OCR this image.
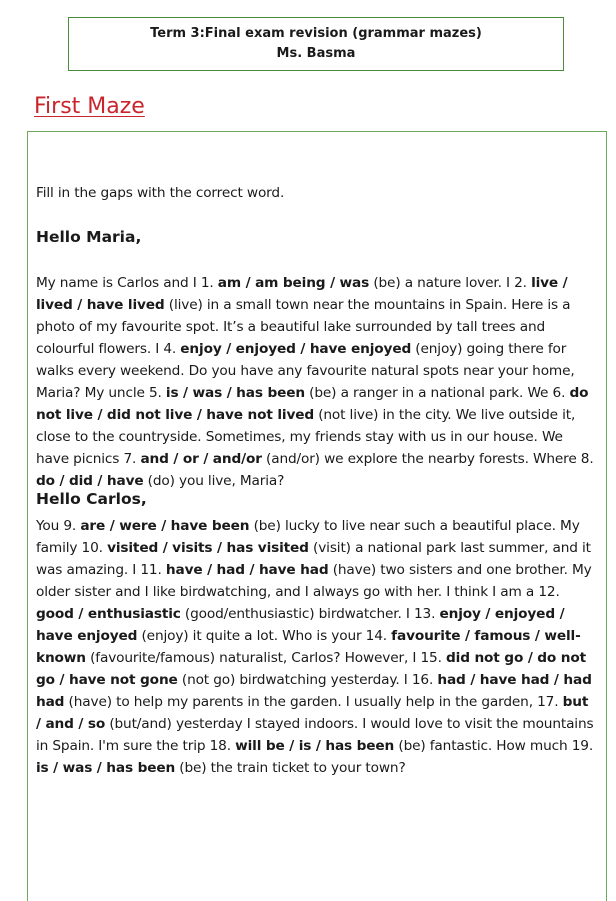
Term 3:Final exam revision (grammar mazes)
Ms. Basma
First Maze
Fill in the gaps with the correct word.
Hello Maria,
My name is Carlos and I 1. am / am being / was (be) a nature lover. I 2. live / lived / have lived (live) in a small town near the mountains in Spain. Here is a photo of my favourite spot. It’s a beautiful lake surrounded by tall trees and colourful flowers. I 4. enjoy / enjoyed / have enjoyed (enjoy) going there for walks every weekend. Do you have any favourite natural spots near your home, Maria? My uncle 5. is / was / has been (be) a ranger in a national park. We 6. do not live / did not live / have not lived (not live) in the city. We live outside it, close to the countryside. Sometimes, my friends stay with us in our house. We have picnics 7. and / or / and/or (and/or) we explore the nearby forests. Where 8. do / did / have (do) you live, Maria?
Hello Carlos,
You 9. are / were / have been (be) lucky to live near such a beautiful place. My family 10. visited / visits / has visited (visit) a national park last summer, and it was amazing. I 11. have / had / have had (have) two sisters and one brother. My older sister and I like birdwatching, and I always go with her. I think I am a 12. good / enthusiastic (good/enthusiastic) birdwatcher. I 13. enjoy / enjoyed / have enjoyed (enjoy) it quite a lot. Who is your 14. favourite / famous / well-known (favourite/famous) naturalist, Carlos? However, I 15. did not go / do not go / have not gone (not go) birdwatching yesterday. I 16. had / have had / had had (have) to help my parents in the garden. I usually help in the garden, 17. but / and / so (but/and) yesterday I stayed indoors. I would love to visit the mountains in Spain. I'm sure the trip 18. will be / is / has been (be) fantastic. How much 19. is / was / has been (be) the train ticket to your town?
